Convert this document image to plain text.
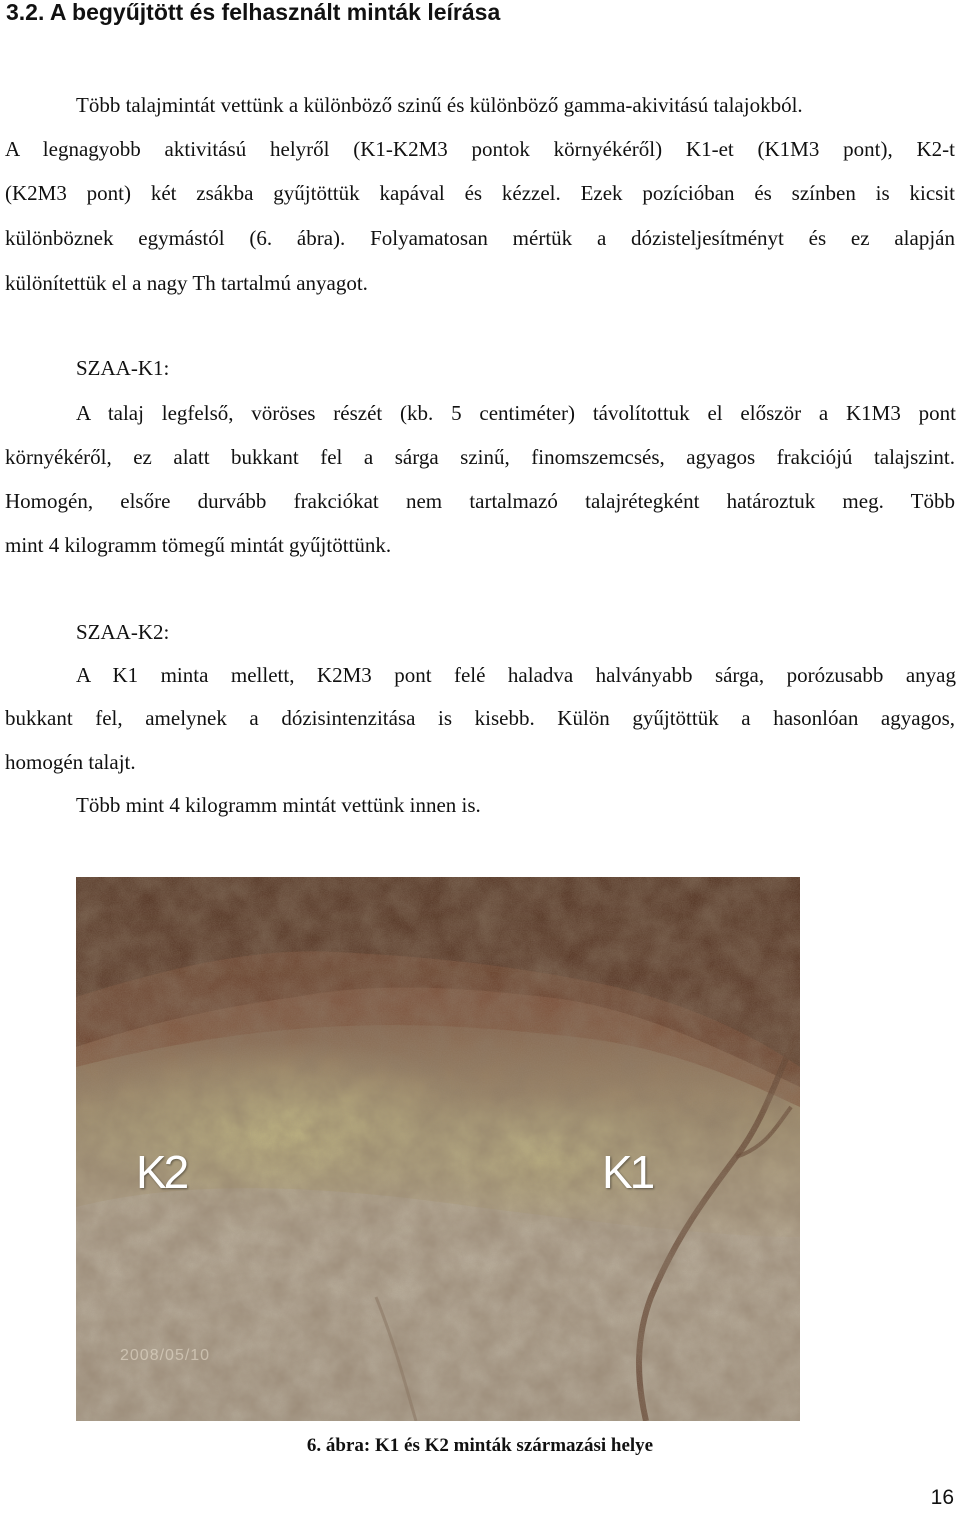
3.2. A begyűjtött és felhasznált minták leírása
Több talajmintát vettünk a különböző szinű és különböző gamma-akivitású talajokból.
A legnagyobb aktivitású helyről (K1-K2M3 pontok környékéről) K1-et (K1M3 pont), K2-t
(K2M3 pont) két zsákba gyűjtöttük kapával és kézzel. Ezek pozícióban és színben is kicsit
különböznek egymástól (6. ábra). Folyamatosan mértük a dózisteljesítményt és ez alapján
különítettük el a nagy Th tartalmú anyagot.
SZAA-K1:
A talaj legfelső, vöröses részét (kb. 5 centiméter) távolítottuk el először a K1M3 pont
környékéről, ez alatt bukkant fel a sárga szinű, finomszemcsés, agyagos frakciójú talajszint.
Homogén, elsőre durvább frakciókat nem tartalmazó talajrétegként határoztuk meg. Több
mint 4 kilogramm tömegű mintát gyűjtöttünk.
SZAA-K2:
A K1 minta mellett, K2M3 pont felé haladva halványabb sárga, porózusabb anyag
bukkant fel, amelynek a dózisintenzitása is kisebb. Külön gyűjtöttük a hasonlóan agyagos,
homogén talajt.
Több mint 4 kilogramm mintát vettünk innen is.
K2	K1
2008/05/10
6. ábra: K1 és K2 minták származási helye
16
